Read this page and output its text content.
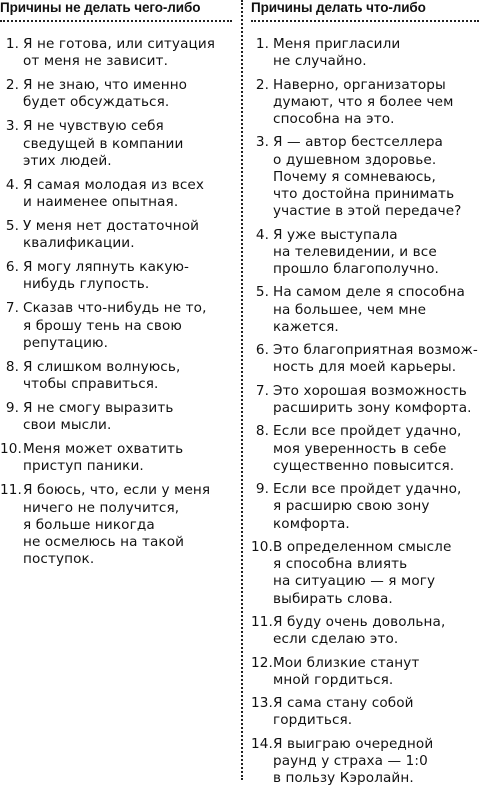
Причины не делать чего-либо
1. Я не готова, или ситуация
от меня не зависит.
2. Я не знаю, что именно
будет обсуждаться.
3. Я не чувствую себя
сведущей в компании
этих людей.
4. Я самая молодая из всех
и наименее опытная.
5. У меня нет достаточной
квалификации.
6. Я могу ляпнуть какую-
нибудь глупость.
7. Сказав что-нибудь не то,
я брошу тень на свою
репутацию.
8. Я слишком волнуюсь,
чтобы справиться.
9. Я не смогу выразить
свои мысли.
10. Меня может охватить
приступ паники.
11. Я боюсь, что, если у меня
ничего не получится,
я больше никогда
не осмелюсь на такой
поступок.
Причины делать что-либо
1. Меня пригласили
не случайно.
2. Наверно, организаторы
думают, что я более чем
способна на это.
3. Я — автор бестселлера
о душевном здоровье.
Почему я сомневаюсь,
что достойна принимать
участие в этой передаче?
4. Я уже выступала
на телевидении, и все
прошло благополучно.
5. На самом деле я способна
на большее, чем мне
кажется.
6. Это благоприятная возмож-
ность для моей карьеры.
7. Это хорошая возможность
расширить зону комфорта.
8. Если все пройдет удачно,
моя уверенность в себе
существенно повысится.
9. Если все пройдет удачно,
я расширю свою зону
комфорта.
10. В определенном смысле
я способна влиять
на ситуацию — я могу
выбирать слова.
11. Я буду очень довольна,
если сделаю это.
12. Мои близкие станут
мной гордиться.
13. Я сама стану собой
гордиться.
14. Я выиграю очередной
раунд у страха — 1:0
в пользу Кэролайн.
